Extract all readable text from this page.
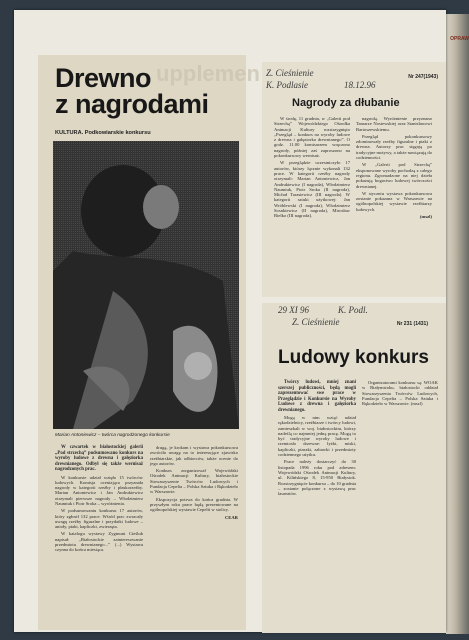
OPRAW
upplemen
Drewno
z nagrodami
KULTURA. Podkowiarskie konkursu
Marian Antoniewicz – twórca nagrodzonego konkursie

W czwartek w białostockiej galerii „Pod strzechą” podsumowano konkurs na wyroby ludowe z drewna i gałęziorka drewnianego. Odbył się także wernisaż nagrodzonych prac.

W konkursie udział wzięło 15 twórców ludowych. Komisja oceniająca przyznała nagrody w kategorii rzeźby i płaskorzeźby. Marian Antoniewicz i Jan Andrukiewicz otrzymali pierwsze nagrody – Włodzimierz Naumiuk i Piotr Sroka – wyróżnienia.

W podsumowaniu konkursu 17 autorów, który zgłosił 132 prace. Wśród prac zwracały uwagę rzeźby figuralne i przydatki ludowe – anioły, ptaki, kapliczki, zwierzęta.

W katalogu wystawy Zygmunt Cieśluk napisał: „Białostockie zainteresowanie przedmiotu drewnianego...” (...) Wystawa czynna do końca miesiąca.

drugą, je krokam i wystawa pokonkursowa zwróciła uwagę na to interesujące zjawisko rzeźbiarskie, jak odbiorców, także ocenie do jego autorów.

Konkurs zorganizował Wojewódzki Ośrodek Animacji Kultury, białostockie Stowarzyszenie Twórców Ludowych i Fundacja Cepelia – Polska Sztuka i Rękodzieło w Warszawie.

Ekspozycja potrwa do końca grudnia. W przyszłym roku prace będą prezentowane na ogólnopolskiej wystawie Cepelii w stolicy.

CEAR

Z. Cieśnienie
K. Podlasie	18.12.96
Nr 247(1943)
Nagrody za dłubanie

W środę, 11 grudnia, w „Galerii pod Strzechą” Wojewódzkiego Ośrodka Animacji Kultury rozstrzygnięto „Przegląd – konkurs na wyroby ludowe z drewna i gałęziorka drewnianego”. O godz. 11.00 komisarzem wręczono nagrody, później zaś zaproszono na pokonkursowy wernisaż.

W przeglądzie uczestniczyło 17 autorów, którzy łącznie wykonali 132 prace. W kategorii rzeźby nagrody otrzymali: Marian Antoniewicz, Jan Andrukiewicz (I nagroda), Włodzimierz Naumiuk, Piotr Sroka (II nagroda), Michał Tarasiewicz (III nagroda). W kategorii sztuki użytkowej: Jan Wróblewski (I nagroda), Włodzimierz Sosnkiewicz (II nagroda), Mirosław Bielko (III nagroda).

nagrodą. Wyróżnienie przyznano Tamarze Nosiewskiej oraz Stanisławowi Bartoszewskiemu.

Przegląd pokonkursowy zdominowały rzeźby figuralne i ptaki z drewna. Autorzy prac sięgają po tradycyjne motywy, a także nawiązują do codzienności.

W „Galerii pod Strzechą” eksponowane wyroby pochodzą z całego regionu. Zgromadzone na niej dzieła pokazują bogactwo ludowej twórczości drewnianej.

W styczniu wystawa pokonkursowa zostanie pokazana w Warszawie na ogólnopolskiej wystawie rzeźbiarzy ludowych.

(mszl)

29 XI 96	K. Podl.
Z. Cieśnienie	Nr 231 (1431)
Ludowy konkurs

Twórcy ludowi, mniej znani szerszej publiczności, będą mogli zaprezentować swe prace w Przeglądzie i Konkursie na Wyroby Ludowe z drewna i gałęziorka drewnianego.

Mogą w nim wziąć udział rękodzielnicy, rzeźbiarze i twórcy ludowi, zamieszkali w woj. białostockim, którzy nadeślą co najmniej jedną pracę. Mogą to być tradycyjne wyroby ludowe i rzemiosło drzewne: łyżki, miski, kapliczki, ptaszki, zabawki i przedmioty codziennego użytku.

Prace należy dostarczyć do 30 listopada 1996 roku pod adresem: Wojewódzki Ośrodek Animacji Kultury, ul. Kilińskiego 8, 15-950 Białystok. Rozstrzygnięcie konkursu – do 10 grudnia – zostanie połączone z wystawą prac laureatów.

Organizatorami konkursu są: WOAK w Białymstoku, białostocki oddział Stowarzyszenia Twórców Ludowych, Fundacja Cepelia – Polska Sztuka i Rękodzieło w Warszawie. (mszl)
